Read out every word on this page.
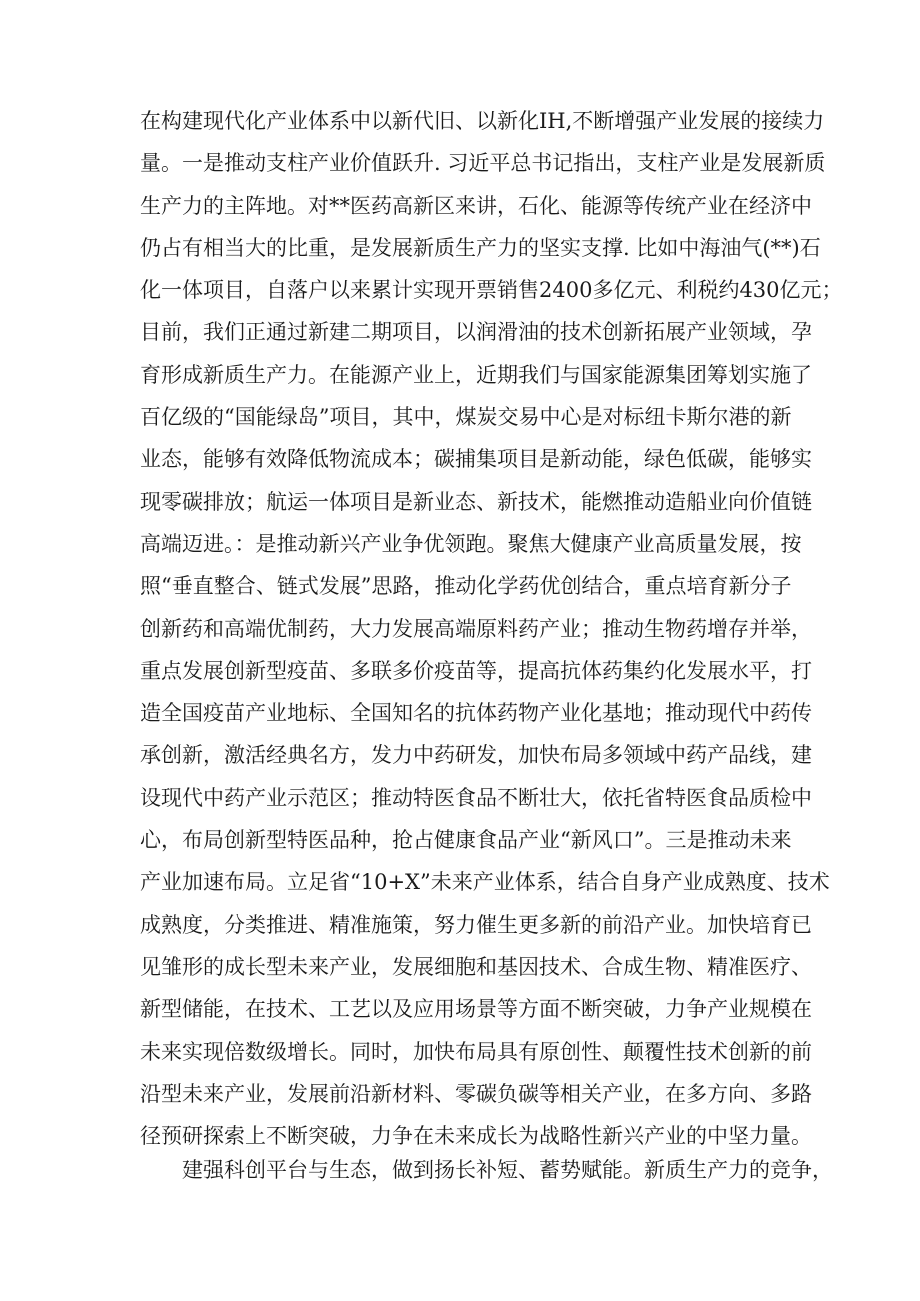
在构建现代化产业体系中以新代旧、以新化IH,不断增强产业发展的接续力
量。一是推动支柱产业价值跃升. 习近平总书记指出，支柱产业是发展新质
生产力的主阵地。对**医药高新区来讲，石化、能源等传统产业在经济中
仍占有相当大的比重，是发展新质生产力的坚实支撑. 比如中海油气(**)石
化一体项目，自落户以来累计实现开票销售2400多亿元、利税约430亿元；
目前，我们正通过新建二期项目，以润滑油的技术创新拓展产业领域，孕
育形成新质生产力。在能源产业上，近期我们与国家能源集团筹划实施了
百亿级的“国能绿岛”项目，其中，煤炭交易中心是对标纽卡斯尔港的新
业态，能够有效降低物流成本；碳捕集项目是新动能，绿色低碳，能够实
现零碳排放；航运一体项目是新业态、新技术，能燃推动造船业向价值链
高端迈进。：是推动新兴产业争优领跑。聚焦大健康产业高质量发展，按
照“垂直整合、链式发展”思路，推动化学药优创结合，重点培育新分子
创新药和高端优制药，大力发展高端原料药产业；推动生物药增存并举，
重点发展创新型疫苗、多联多价疫苗等，提高抗体药集约化发展水平，打
造全国疫苗产业地标、全国知名的抗体药物产业化基地；推动现代中药传
承创新，激活经典名方，发力中药研发，加快布局多领域中药产品线，建
设现代中药产业示范区；推动特医食品不断壮大，依托省特医食品质检中
心，布局创新型特医品种，抢占健康食品产业“新风口”。三是推动未来
产业加速布局。立足省“10+X”未来产业体系，结合自身产业成熟度、技术
成熟度，分类推进、精准施策，努力催生更多新的前沿产业。加快培育已
见雏形的成长型未来产业，发展细胞和基因技术、合成生物、精准医疗、
新型储能，在技术、工艺以及应用场景等方面不断突破，力争产业规模在
未来实现倍数级增长。同时，加快布局具有原创性、颠覆性技术创新的前
沿型未来产业，发展前沿新材料、零碳负碳等相关产业，在多方向、多路
径预研探索上不断突破，力争在未来成长为战略性新兴产业的中坚力量。
建强科创平台与生态，做到扬长补短、蓄势赋能。新质生产力的竞争，
